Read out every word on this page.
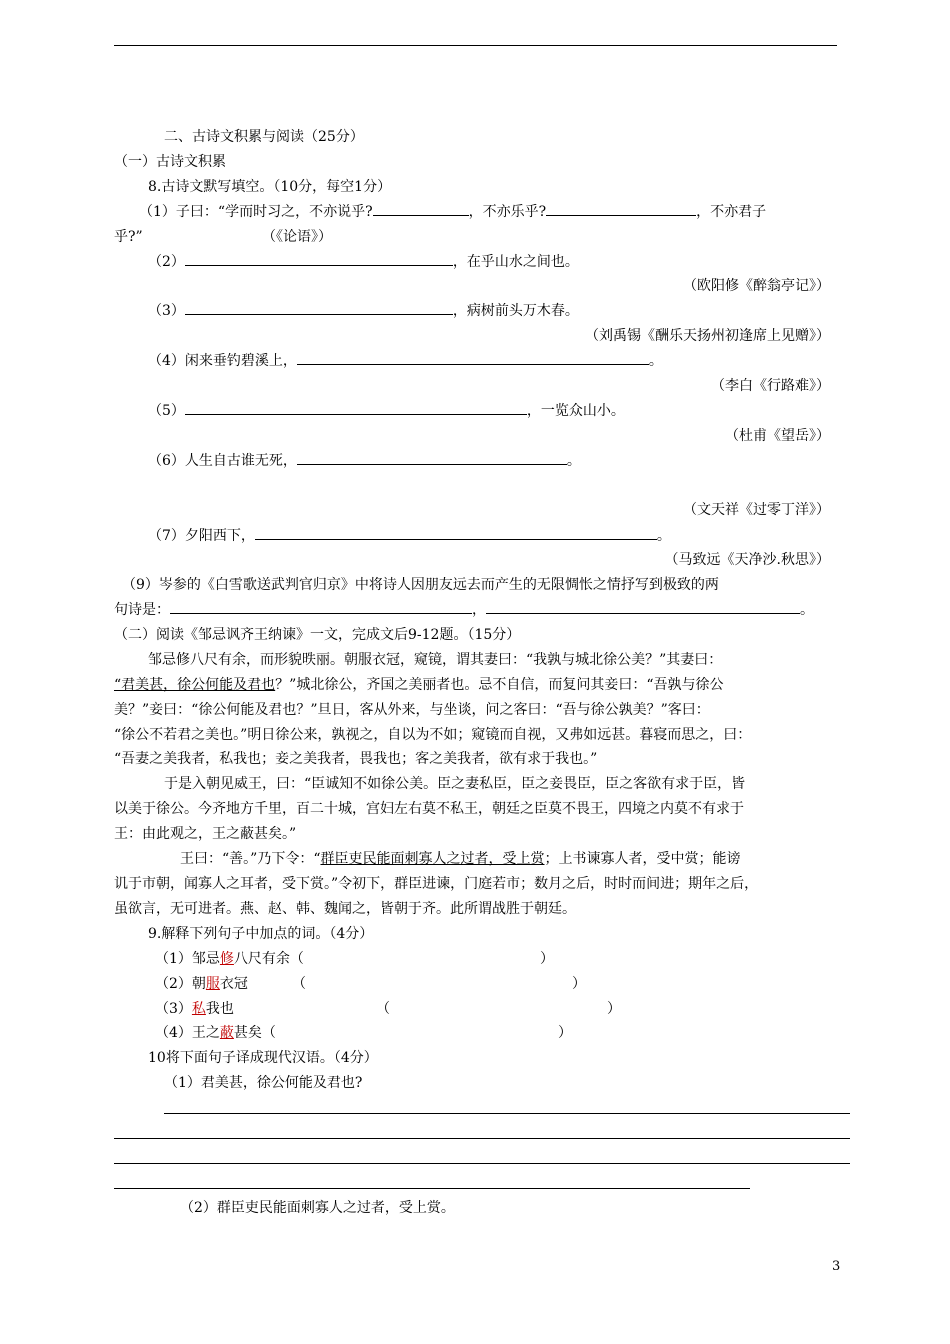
二、古诗文积累与阅读（25分）
（一）古诗文积累
8.古诗文默写填空。（10分，每空1分）
（1）子曰：“学而时习之，不亦说乎?	，不亦乐乎?	，不亦君子
乎?”	（《论语》）
（2）	，在乎山水之间也。
（欧阳修《醉翁亭记》）
（3）	，病树前头万木春。
（刘禹锡《酬乐天扬州初逢席上见赠》）
（4）闲来垂钓碧溪上，	。
（李白《行路难》）
（5）	，一览众山小。
（杜甫《望岳》）
（6）人生自古谁无死，	。
（文天祥《过零丁洋》）
（7）夕阳西下，	。
（马致远《天净沙.秋思》）
（9）岑参的《白雪歌送武判官归京》中将诗人因朋友远去而产生的无限惆怅之情抒写到极致的两
句诗是：	，	。
（二）阅读《邹忌讽齐王纳谏》一文，完成文后9-12题。（15分）
邹忌修八尺有余，而形貌昳丽。朝服衣冠，窥镜，谓其妻曰：“我孰与城北徐公美？”其妻曰：
“君美甚，徐公何能及君也？”城北徐公，齐国之美丽者也。忌不自信，而复问其妾曰：“吾孰与徐公
美？”妾曰：“徐公何能及君也？”旦日，客从外来，与坐谈，问之客曰：“吾与徐公孰美？”客曰：
“徐公不若君之美也。”明日徐公来，孰视之，自以为不如；窥镜而自视，又弗如远甚。暮寝而思之，曰：
“吾妻之美我者，私我也；妾之美我者，畏我也；客之美我者，欲有求于我也。”
于是入朝见威王，曰：“臣诚知不如徐公美。臣之妻私臣，臣之妾畏臣，臣之客欲有求于臣，皆
以美于徐公。今齐地方千里，百二十城，宫妇左右莫不私王，朝廷之臣莫不畏王，四境之内莫不有求于
王：由此观之，王之蔽甚矣。”
王曰：“善。”乃下令：“群臣吏民能面刺寡人之过者，受上赏；上书谏寡人者，受中赏；能谤
讥于市朝，闻寡人之耳者，受下赏。”令初下，群臣进谏，门庭若市；数月之后，时时而间进；期年之后，
虽欲言，无可进者。燕、赵、韩、魏闻之，皆朝于齐。此所谓战胜于朝廷。
9.解释下列句子中加点的词。（4分）
（1）邹忌修八尺有余（	）
（2）朝服衣冠	（	）
（3）私我也	（	）
（4）王之蔽甚矣（	）
10将下面句子译成现代汉语。（4分）
（1）君美甚，徐公何能及君也?
（2）群臣吏民能面刺寡人之过者，受上赏。
3
